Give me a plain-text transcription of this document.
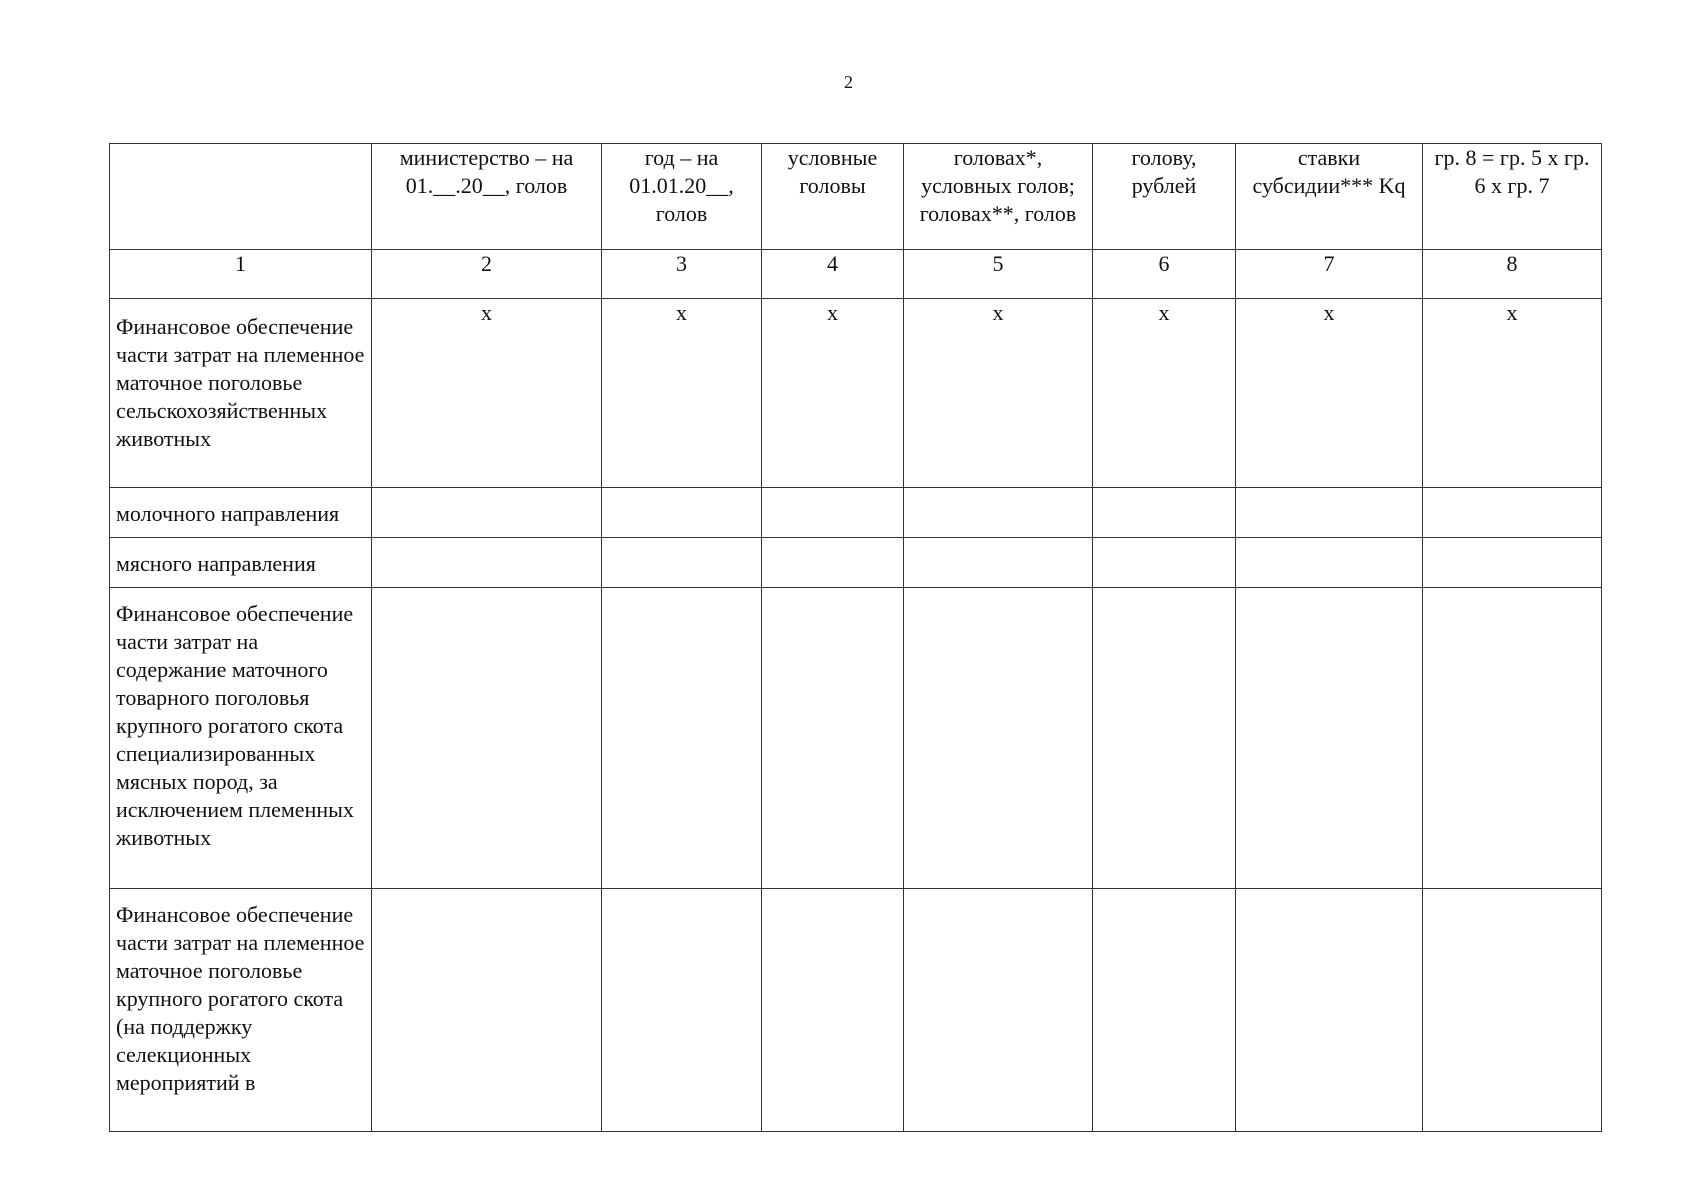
2
	министерство – на 01.__.20__, голов	год – на 01.01.20__, голов	условные головы	головах*, условных голов; головах**, голов	голову, рублей	ставки субсидии*** Kq	гр. 8 = гр. 5 х гр. 6 х гр. 7
1	2	3	4	5	6	7	8
Финансовое обеспечение части затрат на племенное маточное поголовье сельскохозяйственных животных	х	х	х	х	х	х	х
молочного направления							
мясного направления							
Финансовое обеспечение части затрат на содержание маточного товарного поголовья крупного рогатого скота специализированных мясных пород, за исключением племенных животных							
Финансовое обеспечение части затрат на племенное маточное поголовье крупного рогатого скота (на поддержку селекционных мероприятий в							
